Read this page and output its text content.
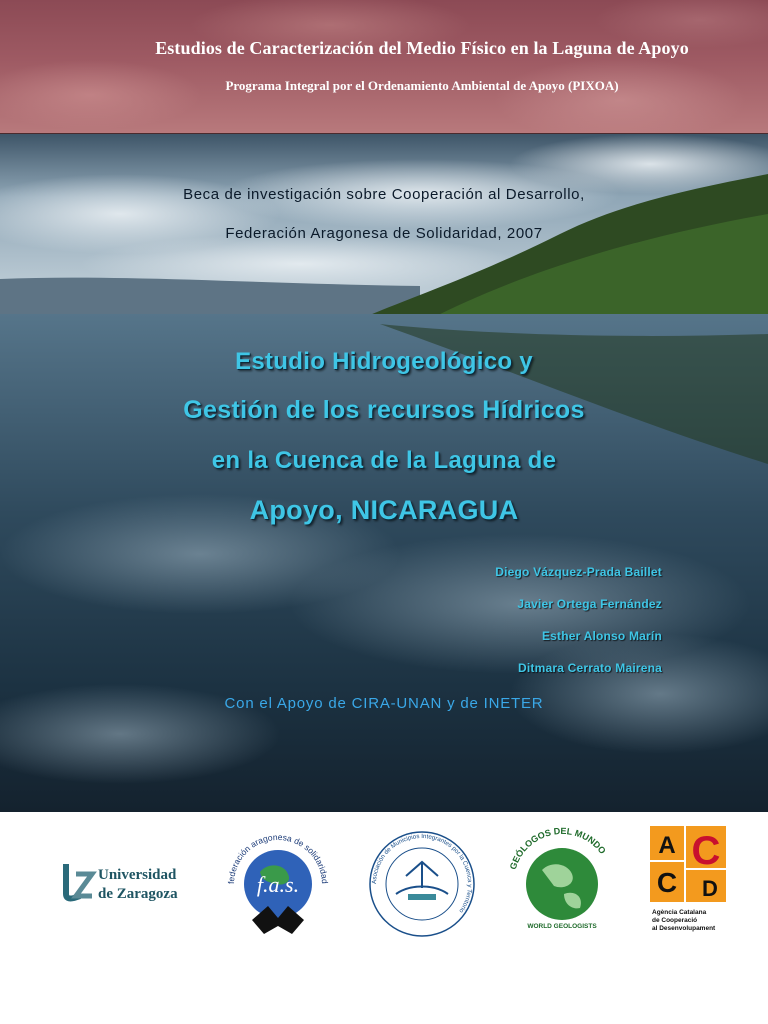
Estudios de Caracterización del Medio Físico en la Laguna de Apoyo
Programa Integral por el Ordenamiento Ambiental de Apoyo (PIXOA)
Beca de investigación sobre Cooperación al Desarrollo,
Federación Aragonesa de Solidaridad, 2007
Estudio Hidrogeológico y
Gestión de los recursos Hídricos
en la Cuenca de la Laguna de
Apoyo, NICARAGUA
Diego Vázquez-Prada Baillet
Javier Ortega Fernández
Esther Alonso Marín
Ditmara Cerrato Mairena
Con el Apoyo de CIRA-UNAN y de INETER
Universidad
de Zaragoza
federación aragonesa de solidaridad
f.a.s.	Asociación de Municipios Integrantes por la Cuenca y Territorio
GEÓLOGOS DEL MUNDO
WORLD GEOLOGISTS
A C
C D
Agència Catalana
de Cooperació
al Desenvolupament
